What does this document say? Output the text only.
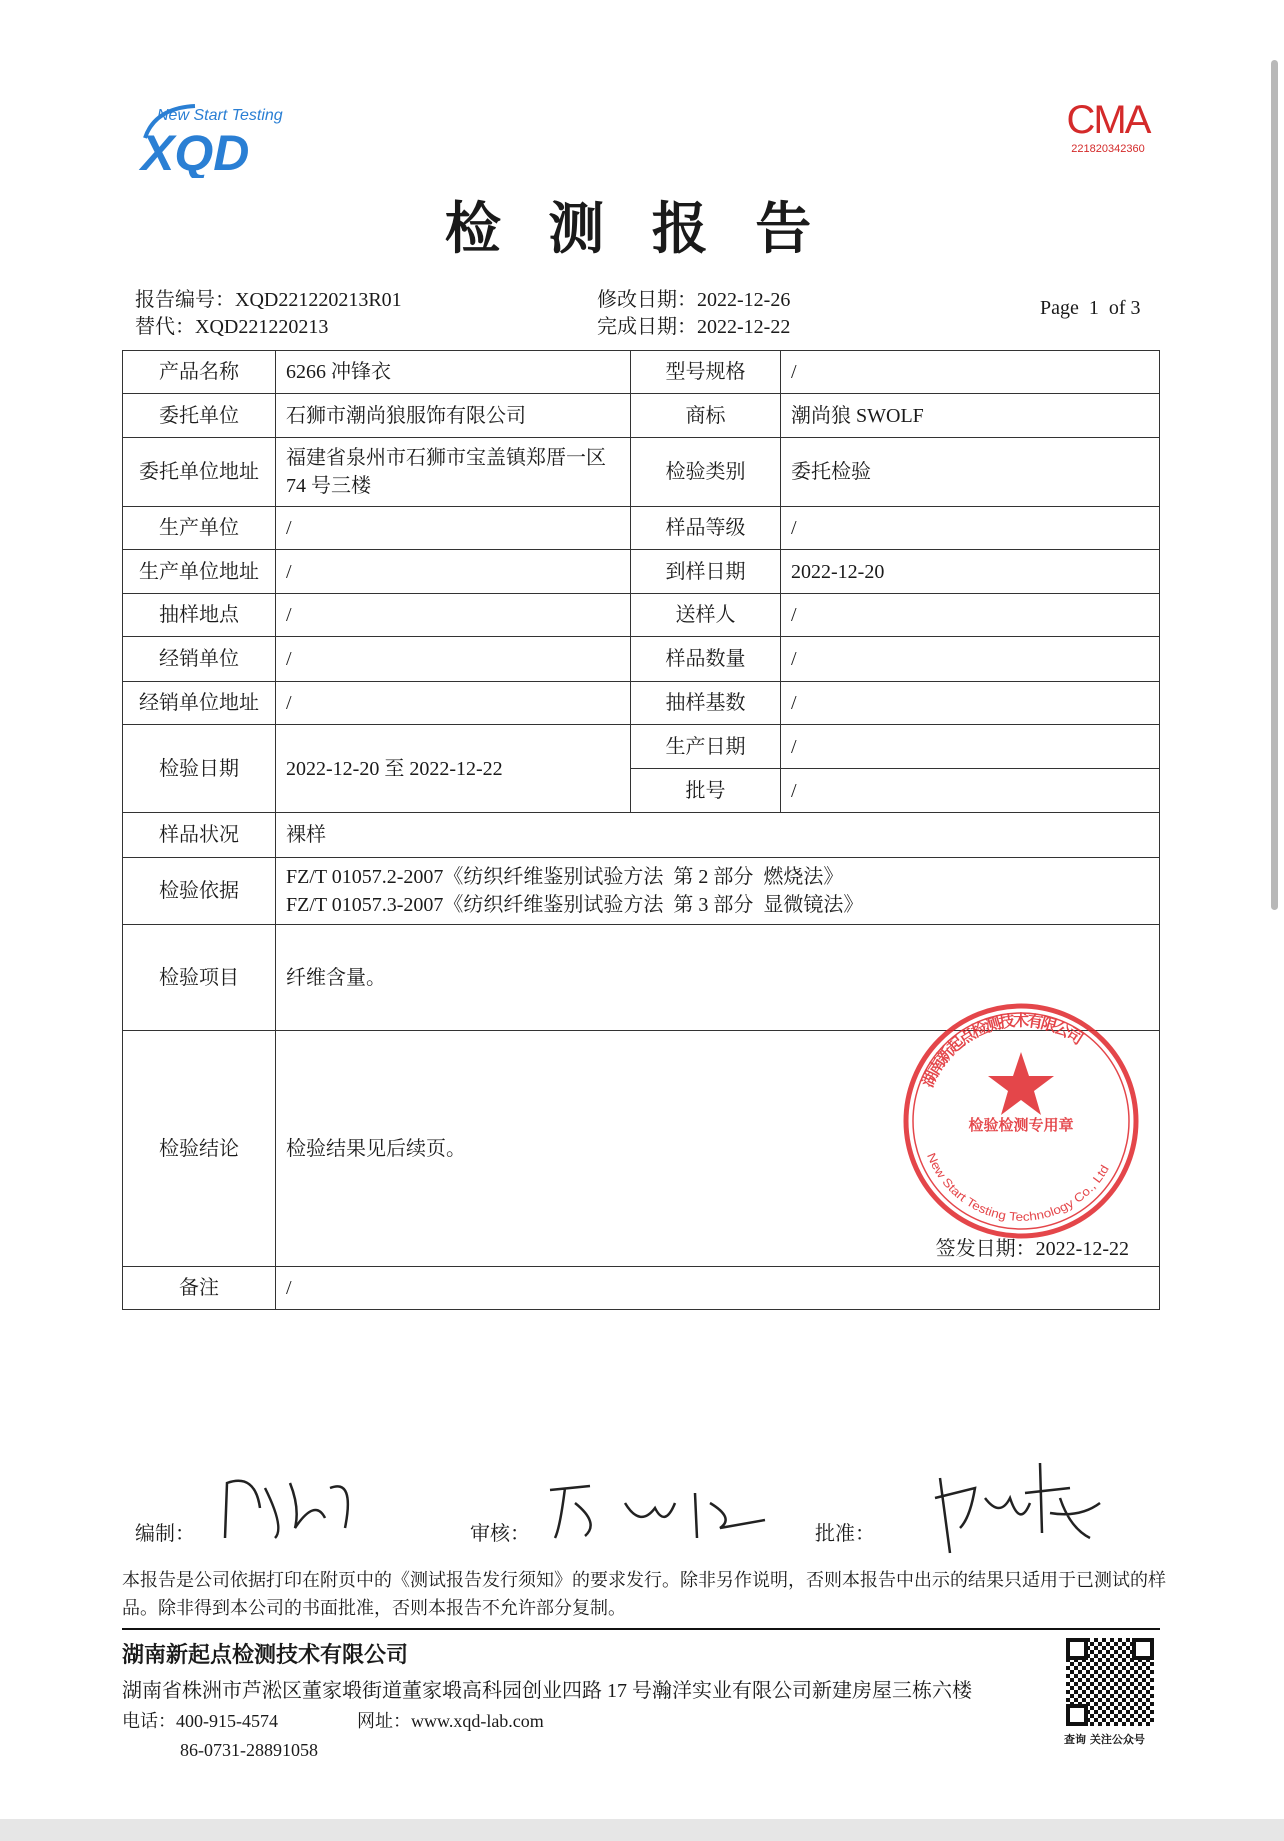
New Start Testing
XQD
CMA
221820342360
检 测 报 告
报告编号：XQD221220213R01
替代：XQD221220213
修改日期：2022-12-26
完成日期：2022-12-22
Page  1  of 3
产品名称	6266 冲锋衣	型号规格	/
委托单位	石狮市潮尚狼服饰有限公司	商标	潮尚狼 SWOLF
委托单位地址	福建省泉州市石狮市宝盖镇郑厝一区 74 号三楼	检验类别	委托检验
生产单位	/	样品等级	/
生产单位地址	/	到样日期	2022-12-20
抽样地点	/	送样人	/
经销单位	/	样品数量	/
经销单位地址	/	抽样基数	/
检验日期	2022-12-20 至 2022-12-22	生产日期	/
		批号	/
样品状况	裸样		
检验依据	FZ/T 01057.2-2007《纺织纤维鉴别试验方法  第 2 部分  燃烧法》
FZ/T 01057.3-2007《纺织纤维鉴别试验方法  第 3 部分  显微镜法》		

检验项目	纤维含量。		
检验结论	检验结果见后续页。
签发日期：2022-12-22		

备注	/		
湖南新起点检测技术有限公司
New Start Testing Technology Co., Ltd
检验检测专用章
编制：	审核：	批准：
本报告是公司依据打印在附页中的《测试报告发行须知》的要求发行。除非另作说明，否则本报告中出示的结果只适用于已测试的样品。除非得到本公司的书面批准，否则本报告不允许部分复制。
湖南新起点检测技术有限公司
湖南省株洲市芦淞区董家塅街道董家塅高科园创业四路 17 号瀚洋实业有限公司新建房屋三栋六楼
电话：400-915-4574	网址：www.xqd-lab.com
86-0731-28891058
查询 关注公众号
